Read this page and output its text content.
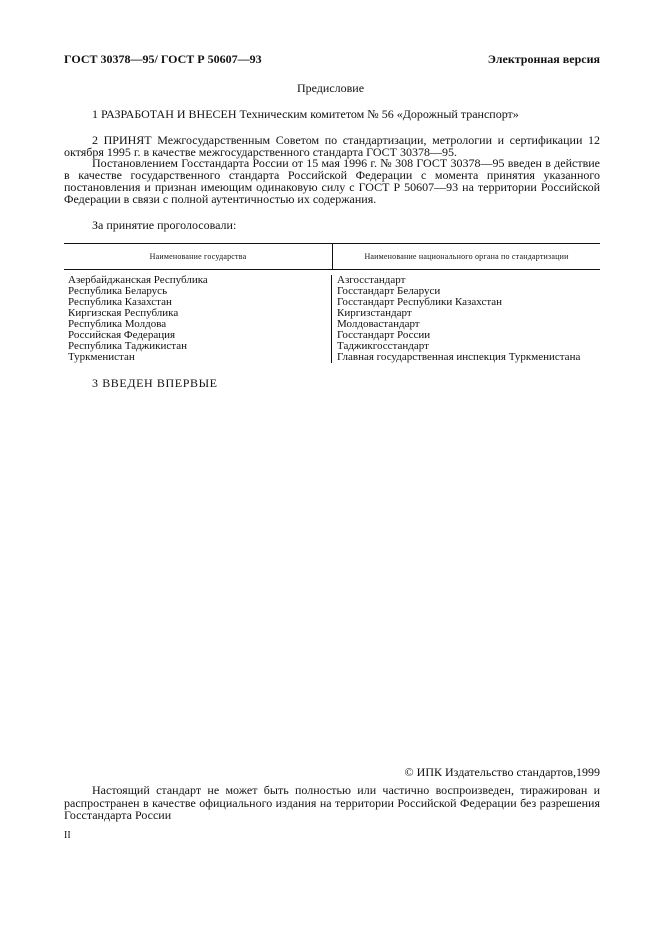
ГОСТ 30378—95/ ГОСТ Р 50607—93	Электронная версия
Предисловие
1 РАЗРАБОТАН И ВНЕСЕН Техническим комитетом № 56 «Дорожный транспорт»
2 ПРИНЯТ Межгосударственным Советом по стандартизации, метрологии и сертификации 12 октября 1995 г. в качестве межгосударственного стандарта ГОСТ 30378—95.
Постановлением Госстандарта России от 15 мая 1996 г. № 308 ГОСТ 30378—95 введен в действие в качестве государственного стандарта Российской Федерации с момента принятия указанного постановления и признан имеющим одинаковую силу с ГОСТ Р 50607—93 на территории Российской Федерации в связи с полной аутентичностью их содержания.
За принятие проголосовали:
Наименование государства	Наименование национального органа по стандартизации
Азербайджанская Республика
Республика Беларусь
Республика Казахстан
Киргизская Республика
Республика Молдова
Российская Федерация
Республика Таджикистан
Туркменистан
Азгосстандарт
Госстандарт Беларуси
Госстандарт Республики Казахстан
Киргизстандарт
Молдовастандарт
Госстандарт России
Таджикгосстандарт
Главная государственная инспекция Туркменистана
3 ВВЕДЕН ВПЕРВЫЕ
© ИПК Издательство стандартов,1999
Настоящий стандарт не может быть полностью или частично воспроизведен, тиражирован и распространен в качестве официального издания на территории Российской Федерации без разрешения Госстандарта России
II
